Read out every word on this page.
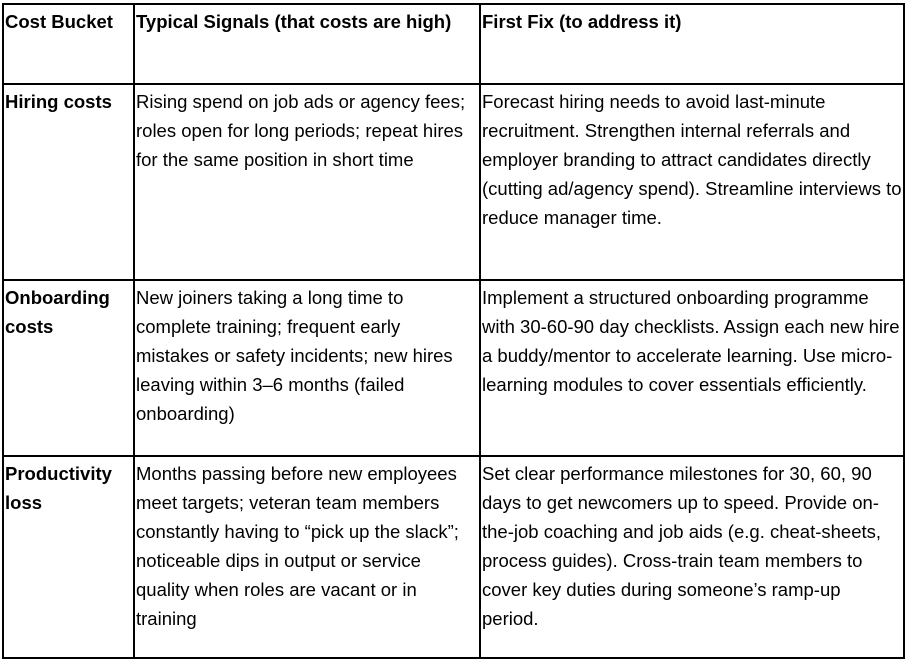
Cost Bucket	Typical Signals (that costs are high)	First Fix (to address it)
Hiring costs	Rising spend on job ads or agency fees; roles open for long periods; repeat hires for the same position in short time	Forecast hiring needs to avoid last-minute recruitment. Strengthen internal referrals and employer branding to attract candidates directly (cutting ad/agency spend). Streamline interviews to reduce manager time.
Onboarding costs	New joiners taking a long time to complete training; frequent early mistakes or safety incidents; new hires leaving within 3–6 months (failed onboarding)	Implement a structured onboarding programme with 30-60-90 day checklists. Assign each new hire a buddy/mentor to accelerate learning. Use micro-learning modules to cover essentials efficiently.
Productivity loss	Months passing before new employees meet targets; veteran team members constantly having to “pick up the slack”; noticeable dips in output or service quality when roles are vacant or in training	Set clear performance milestones for 30, 60, 90 days to get newcomers up to speed. Provide on-the-job coaching and job aids (e.g. cheat-sheets, process guides). Cross-train team members to cover key duties during someone’s ramp-up period.
